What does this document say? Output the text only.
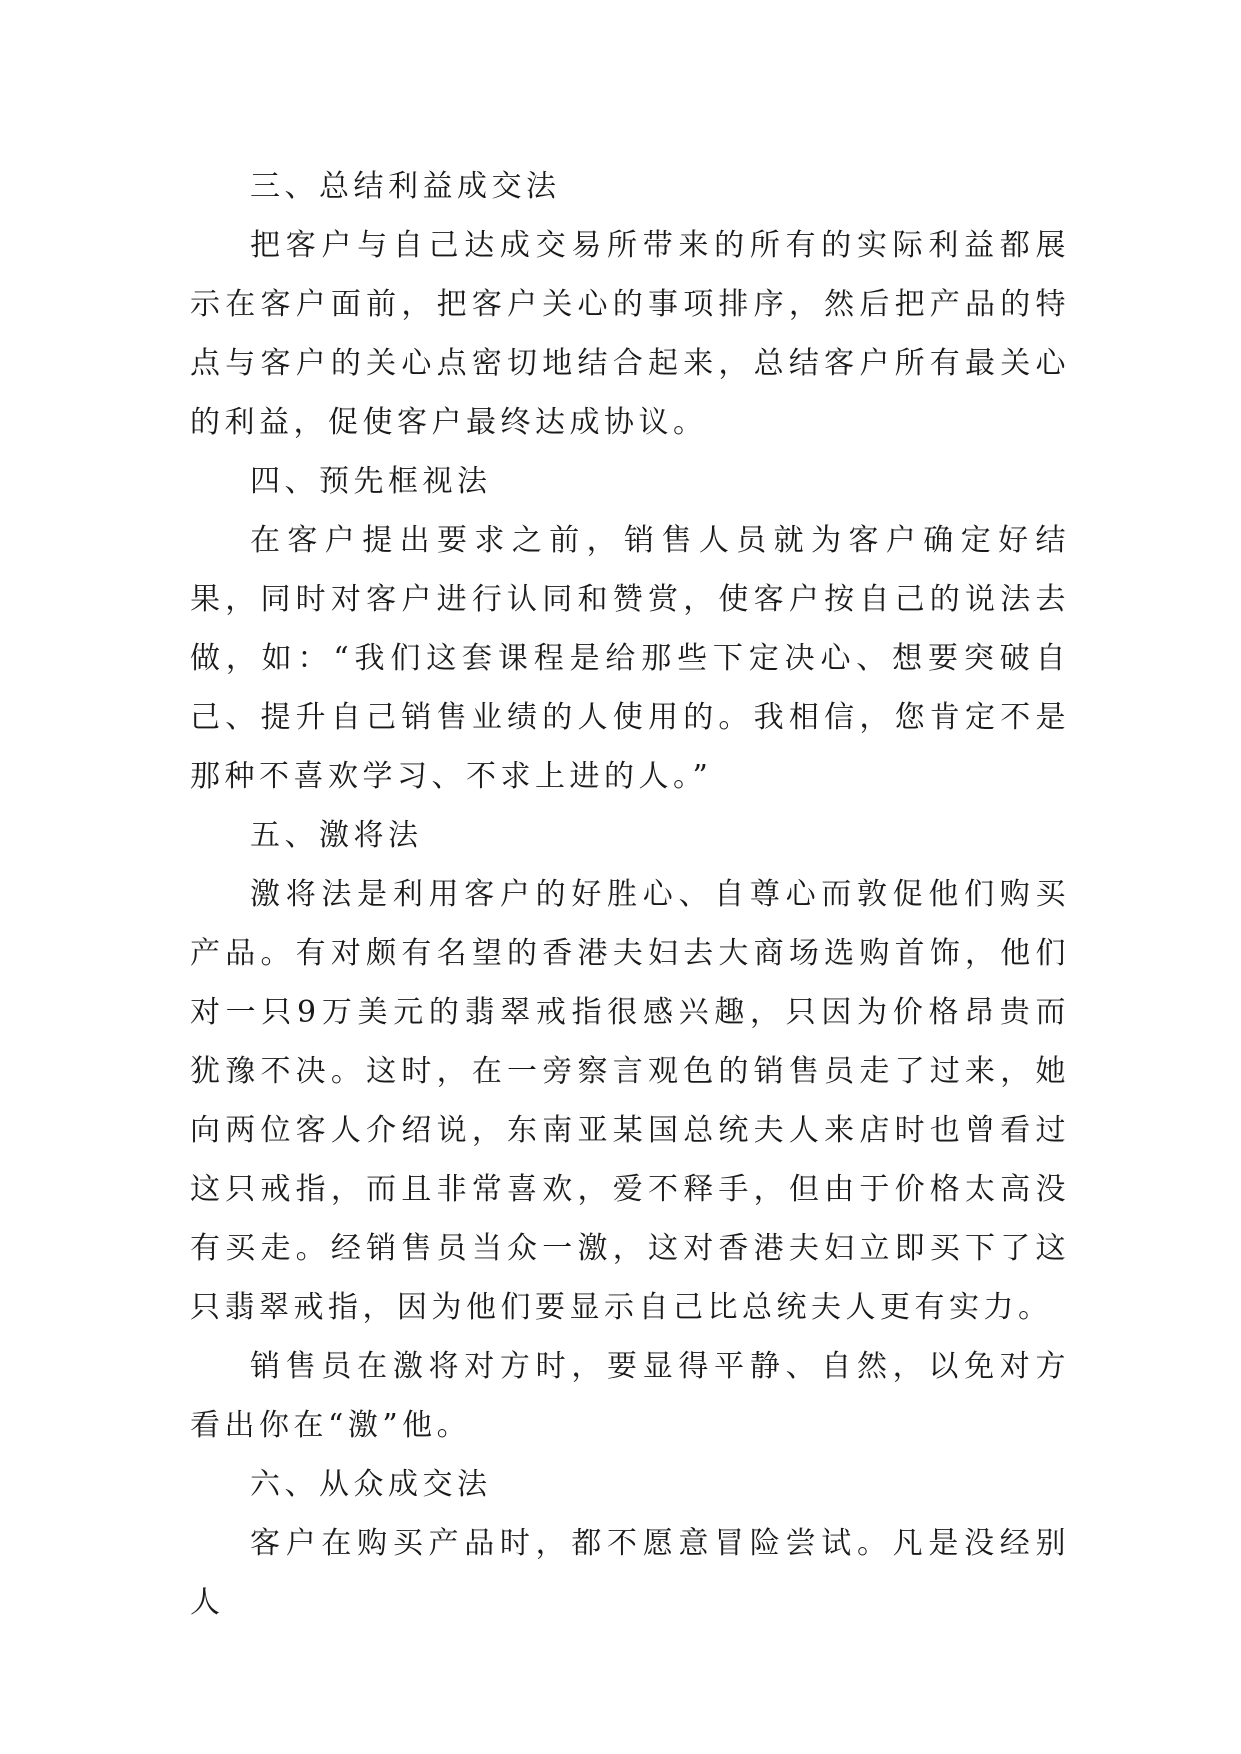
三、总结利益成交法

把客户与自己达成交易所带来的所有的实际利益都展示在客户面前，把客户关心的事项排序，然后把产品的特点与客户的关心点密切地结合起来，总结客户所有最关心的利益，促使客户最终达成协议。

四、预先框视法

在客户提出要求之前，销售人员就为客户确定好结果，同时对客户进行认同和赞赏，使客户按自己的说法去做，如：“我们这套课程是给那些下定决心、想要突破自己、提升自己销售业绩的人使用的。我相信，您肯定不是那种不喜欢学习、不求上进的人。”

五、激将法

激将法是利用客户的好胜心、自尊心而敦促他们购买产品。有对颇有名望的香港夫妇去大商场选购首饰，他们对一只9万美元的翡翠戒指很感兴趣，只因为价格昂贵而犹豫不决。这时，在一旁察言观色的销售员走了过来，她向两位客人介绍说，东南亚某国总统夫人来店时也曾看过这只戒指，而且非常喜欢，爱不释手，但由于价格太高没有买走。经销售员当众一激，这对香港夫妇立即买下了这只翡翠戒指，因为他们要显示自己比总统夫人更有实力。

销售员在激将对方时，要显得平静、自然，以免对方看出你在“激”他。

六、从众成交法

客户在购买产品时，都不愿意冒险尝试。凡是没经别人
